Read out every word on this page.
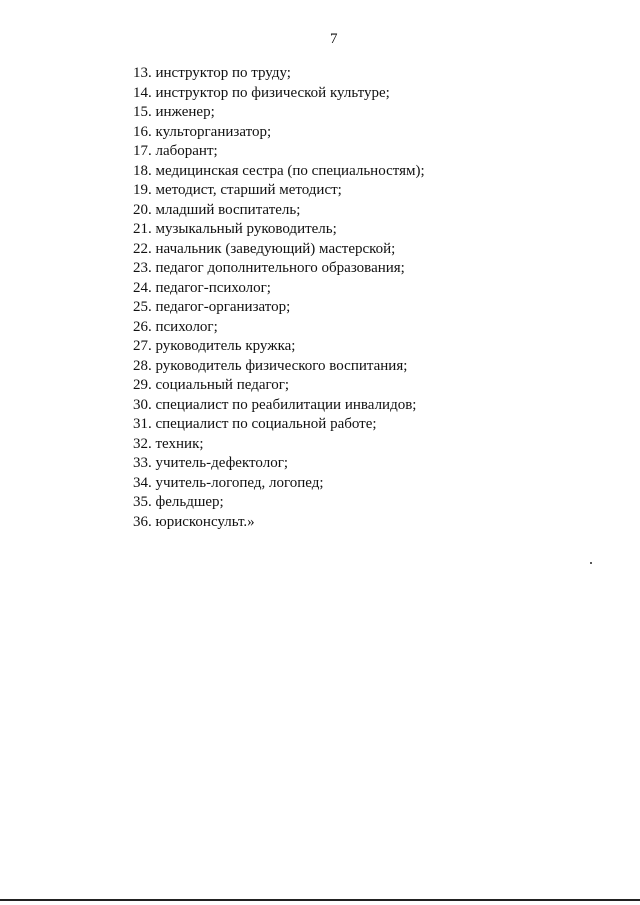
7
13. инструктор по труду;
14. инструктор по физической культуре;
15. инженер;
16. культорганизатор;
17. лаборант;
18. медицинская сестра (по специальностям);
19. методист, старший методист;
20. младший воспитатель;
21. музыкальный руководитель;
22. начальник (заведующий) мастерской;
23. педагог дополнительного образования;
24. педагог-психолог;
25. педагог-организатор;
26. психолог;
27. руководитель кружка;
28. руководитель физического воспитания;
29. социальный педагог;
30. специалист по реабилитации инвалидов;
31. специалист по социальной работе;
32. техник;
33. учитель-дефектолог;
34. учитель-логопед, логопед;
35. фельдшер;
36. юрисконсульт.»
